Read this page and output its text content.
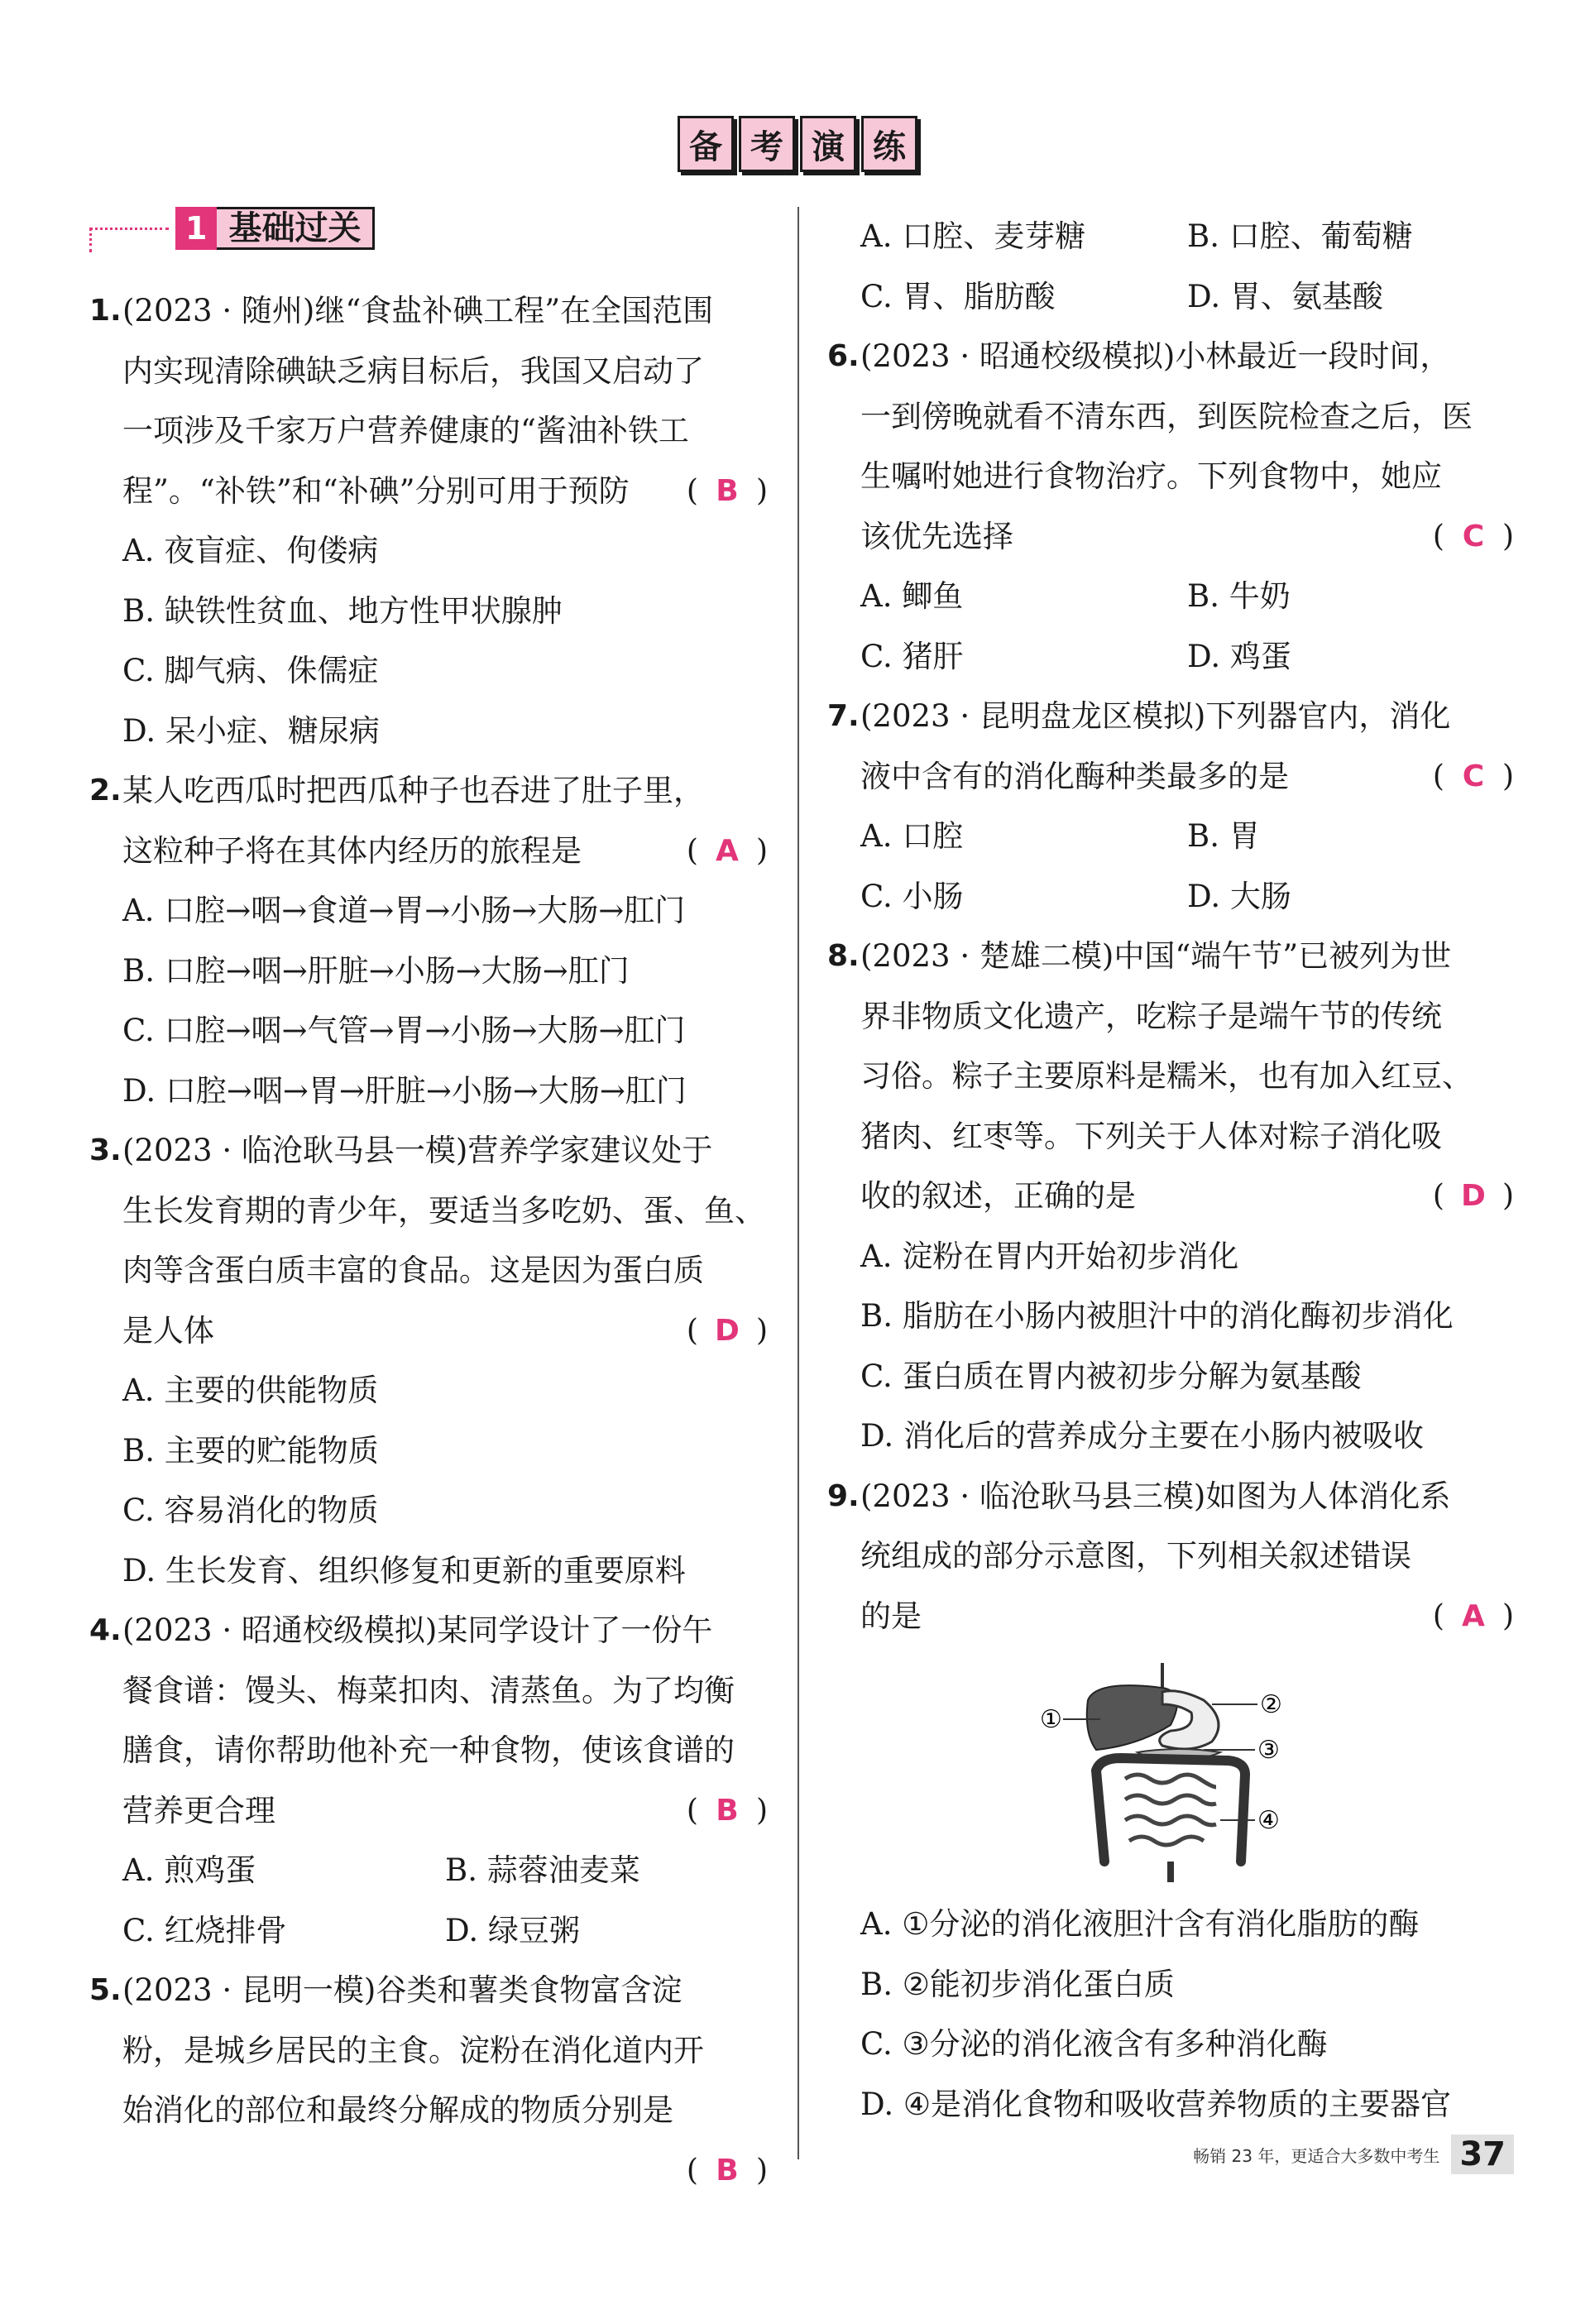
备 考 演 练
1 基础过关
1. (2023 · 随州)继“食盐补碘工程”在全国范围
内实现清除碘缺乏病目标后，我国又启动了
一项涉及千家万户营养健康的“酱油补铁工
程”。“补铁”和“补碘”分别可用于预防	( B )
A. 夜盲症、佝偻病
B. 缺铁性贫血、地方性甲状腺肿
C. 脚气病、侏儒症
D. 呆小症、糖尿病
2. 某人吃西瓜时把西瓜种子也吞进了肚子里，
这粒种子将在其体内经历的旅程是	( A )
A. 口腔→咽→食道→胃→小肠→大肠→肛门
B. 口腔→咽→肝脏→小肠→大肠→肛门
C. 口腔→咽→气管→胃→小肠→大肠→肛门
D. 口腔→咽→胃→肝脏→小肠→大肠→肛门
3. (2023 · 临沧耿马县一模)营养学家建议处于
生长发育期的青少年，要适当多吃奶、蛋、鱼、
肉等含蛋白质丰富的食品。这是因为蛋白质
是人体	( D )
A. 主要的供能物质
B. 主要的贮能物质
C. 容易消化的物质
D. 生长发育、组织修复和更新的重要原料
4. (2023 · 昭通校级模拟)某同学设计了一份午
餐食谱：馒头、梅菜扣肉、清蒸鱼。为了均衡
膳食，请你帮助他补充一种食物，使该食谱的
营养更合理	( B )
A. 煎鸡蛋	B. 蒜蓉油麦菜
C. 红烧排骨	D. 绿豆粥
5. (2023 · 昆明一模)谷类和薯类食物富含淀
粉，是城乡居民的主食。淀粉在消化道内开
始消化的部位和最终分解成的物质分别是
( B )
A. 口腔、麦芽糖	B. 口腔、葡萄糖
C. 胃、脂肪酸	D. 胃、氨基酸
6. (2023 · 昭通校级模拟)小林最近一段时间，
一到傍晚就看不清东西，到医院检查之后，医
生嘱咐她进行食物治疗。下列食物中，她应
该优先选择	( C )
A. 鲫鱼	B. 牛奶
C. 猪肝	D. 鸡蛋
7. (2023 · 昆明盘龙区模拟)下列器官内，消化
液中含有的消化酶种类最多的是	( C )
A. 口腔	B. 胃
C. 小肠	D. 大肠
8. (2023 · 楚雄二模)中国“端午节”已被列为世
界非物质文化遗产，吃粽子是端午节的传统
习俗。粽子主要原料是糯米，也有加入红豆、
猪肉、红枣等。下列关于人体对粽子消化吸
收的叙述，正确的是	( D )
A. 淀粉在胃内开始初步消化
B. 脂肪在小肠内被胆汁中的消化酶初步消化
C. 蛋白质在胃内被初步分解为氨基酸
D. 消化后的营养成分主要在小肠内被吸收
9. (2023 · 临沧耿马县三模)如图为人体消化系
统组成的部分示意图，下列相关叙述错误
的是	( A )
①
②
③
④
A. ①分泌的消化液胆汁含有消化脂肪的酶
B. ②能初步消化蛋白质
C. ③分泌的消化液含有多种消化酶
D. ④是消化食物和吸收营养物质的主要器官
畅销 23 年，更适合大多数中考生 37
